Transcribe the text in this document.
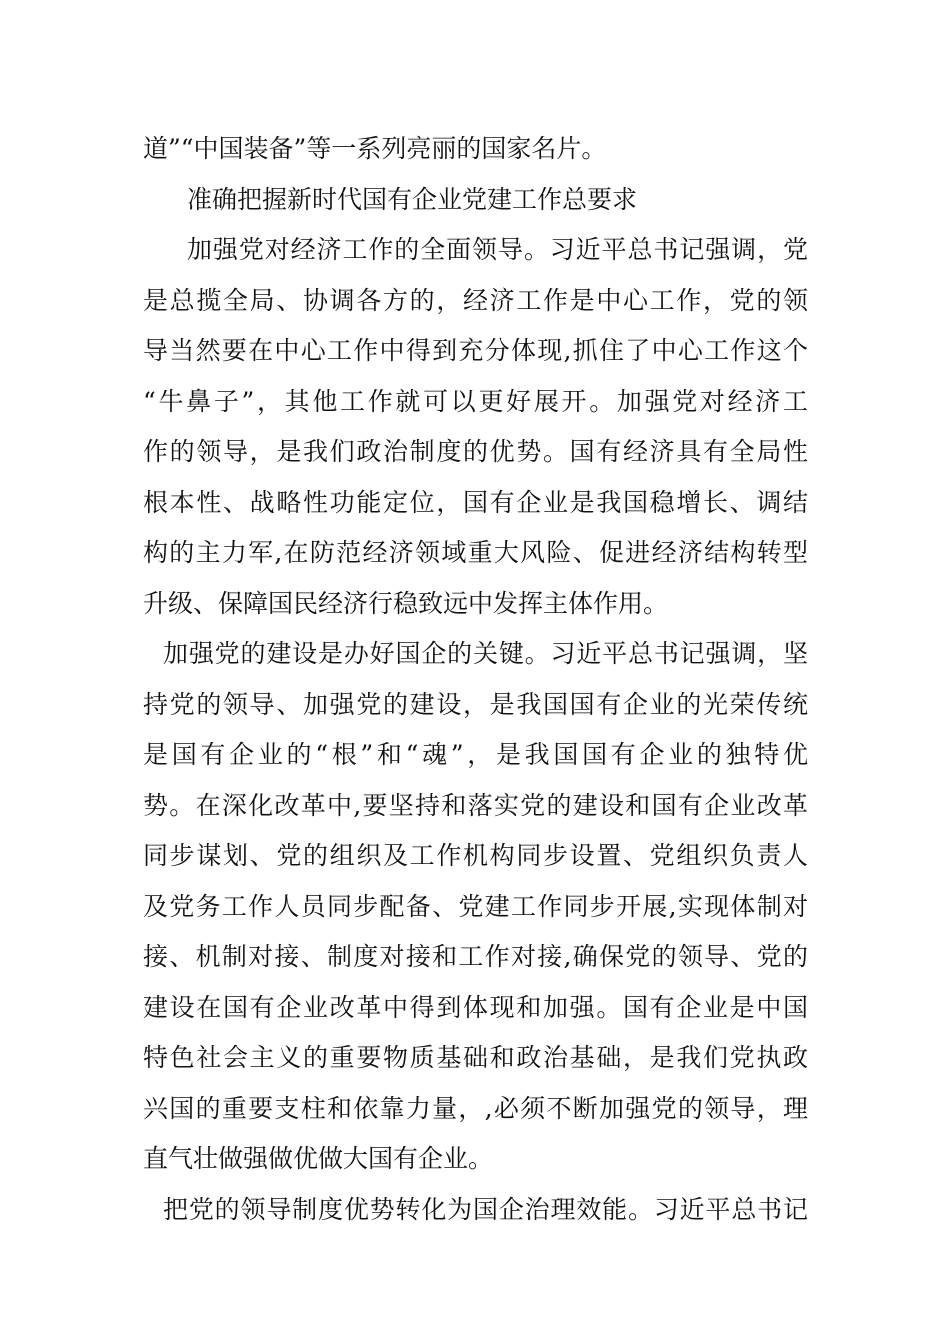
道”“中国装备”等一系列亮丽的国家名片。
准确把握新时代国有企业党建工作总要求
加强党对经济工作的全面领导。习近平总书记强调，党
是总揽全局、协调各方的，经济工作是中心工作，党的领
导当然要在中心工作中得到充分体现,抓住了中心工作这个
“牛鼻子”，其他工作就可以更好展开。加强党对经济工
作的领导，是我们政治制度的优势。国有经济具有全局性
根本性、战略性功能定位，国有企业是我国稳增长、调结
构的主力军,在防范经济领域重大风险、促进经济结构转型
升级、保障国民经济行稳致远中发挥主体作用。
加强党的建设是办好国企的关键。习近平总书记强调，坚
持党的领导、加强党的建设，是我国国有企业的光荣传统
是国有企业的“根”和“魂”，是我国国有企业的独特优
势。在深化改革中,要坚持和落实党的建设和国有企业改革
同步谋划、党的组织及工作机构同步设置、党组织负责人
及党务工作人员同步配备、党建工作同步开展,实现体制对
接、机制对接、制度对接和工作对接,确保党的领导、党的
建设在国有企业改革中得到体现和加强。国有企业是中国
特色社会主义的重要物质基础和政治基础，是我们党执政
兴国的重要支柱和依靠力量，,必须不断加强党的领导，理
直气壮做强做优做大国有企业。
把党的领导制度优势转化为国企治理效能。习近平总书记
